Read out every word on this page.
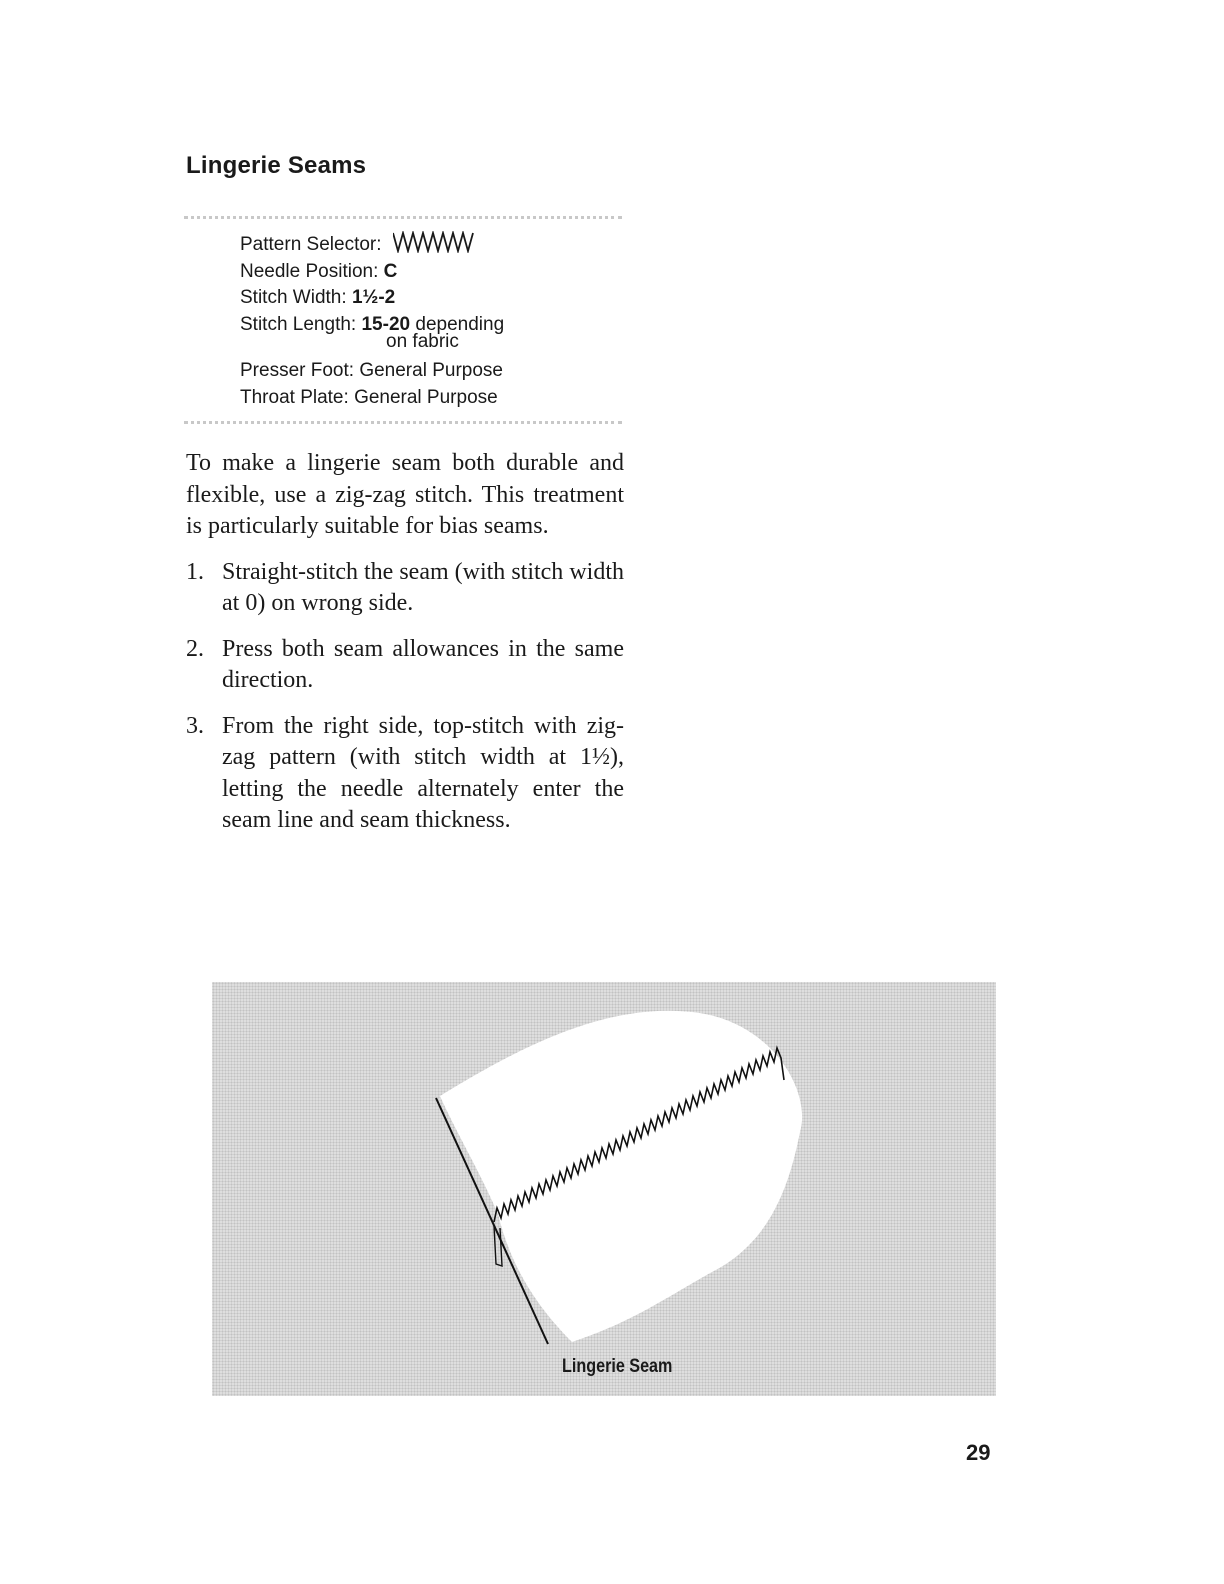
Lingerie Seams
Pattern Selector:
Needle Position: C
Stitch Width: 1½-2
Stitch Length: 15-20 depending
on fabric
Presser Foot: General Purpose
Throat Plate: General Purpose

To make a lingerie seam both durable and flexible, use a zig-zag stitch. This treatment is particularly suitable for bias seams.

1. Straight-stitch the seam (with stitch width at 0) on wrong side.
2. Press both seam allowances in the same direction.
3. From the right side, top-stitch with zig-zag pattern (with stitch width at 1½), letting the needle alternately enter the seam line and seam thickness.
Lingerie Seam
29
